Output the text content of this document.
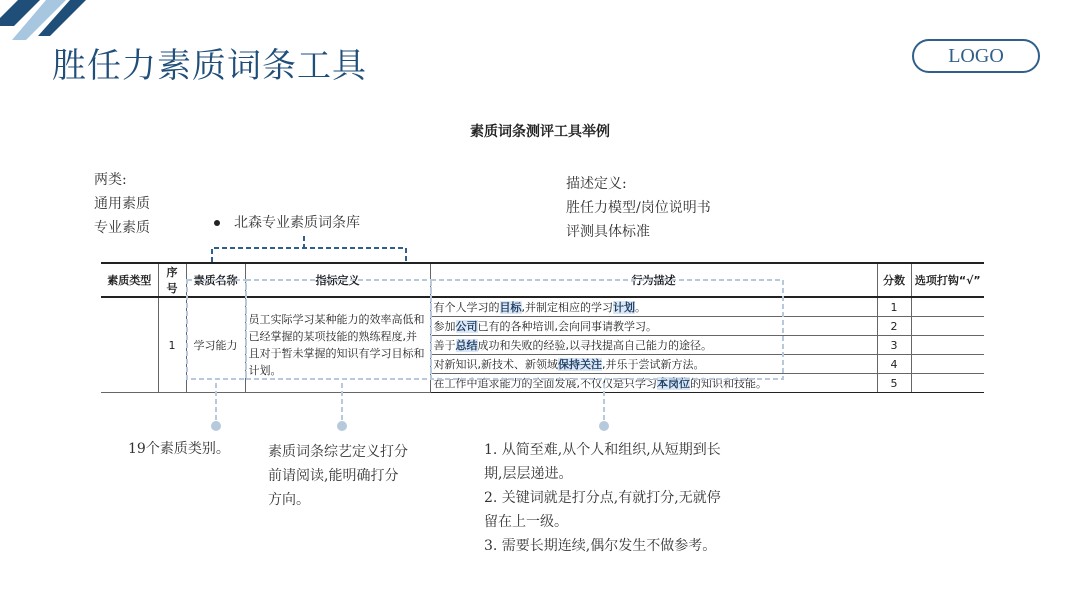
胜任力素质词条工具	LOGO
素质词条测评工具举例
两类:
通用素质
专业素质	北森专业素质词条库
描述定义:
胜任力模型/岗位说明书
评测具体标准
素质类型	序号	素质名称	指标定义	行为描述	分数	选项打钩“√”
	1	学习能力	员工实际学习某种能力的效率高低和已经掌握的某项技能的熟练程度,并且对于暂未掌握的知识有学习目标和计划。	有个人学习的目标,并制定相应的学习计划。	1	
				参加公司已有的各种培训,会向同事请教学习。	2	
				善于总结成功和失败的经验,以寻找提高自己能力的途径。	3	
				对新知识,新技术、新领域保持关注,并乐于尝试新方法。	4	
				在工作中追求能力的全面发展,不仅仅是只学习本岗位的知识和技能。	5	
19个素质类别。	素质词条综艺定义打分
前请阅读,能明确打分
方向。
1. 从简至难,从个人和组织,从短期到长
期,层层递进。
2. 关键词就是打分点,有就打分,无就停
留在上一级。
3. 需要长期连续,偶尔发生不做参考。
